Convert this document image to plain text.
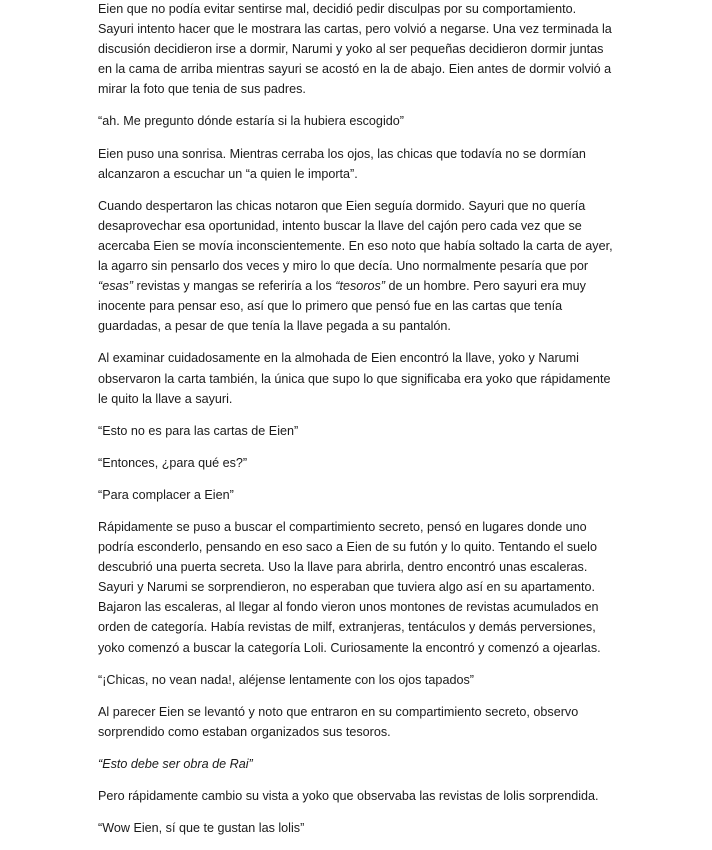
Eien que no podía evitar sentirse mal, decidió pedir disculpas por su comportamiento. Sayuri intento hacer que le mostrara las cartas, pero volvió a negarse. Una vez terminada la discusión decidieron irse a dormir, Narumi y yoko al ser pequeñas decidieron dormir juntas en la cama de arriba mientras sayuri se acostó en la de abajo. Eien antes de dormir volvió a mirar la foto que tenia de sus padres.

“ah. Me pregunto dónde estaría si la hubiera escogido”

Eien puso una sonrisa. Mientras cerraba los ojos, las chicas que todavía no se dormían alcanzaron a escuchar un “a quien le importa”.

Cuando despertaron las chicas notaron que Eien seguía dormido. Sayuri que no quería desaprovechar esa oportunidad, intento buscar la llave del cajón pero cada vez que se acercaba Eien se movía inconscientemente. En eso noto que había soltado la carta de ayer, la agarro sin pensarlo dos veces y miro lo que decía. Uno normalmente pesaría que por “esas” revistas y mangas se referiría a los “tesoros” de un hombre. Pero sayuri era muy inocente para pensar eso, así que lo primero que pensó fue en las cartas que tenía guardadas, a pesar de que tenía la llave pegada a su pantalón.

Al examinar cuidadosamente en la almohada de Eien encontró la llave, yoko y Narumi observaron la carta también, la única que supo lo que significaba era yoko que rápidamente le quito la llave a sayuri.

“Esto no es para las cartas de Eien”

“Entonces, ¿para qué es?”

“Para complacer a Eien”

Rápidamente se puso a buscar el compartimiento secreto, pensó en lugares donde uno podría esconderlo, pensando en eso saco a Eien de su futón y lo quito. Tentando el suelo descubrió una puerta secreta. Uso la llave para abrirla, dentro encontró unas escaleras. Sayuri y Narumi se sorprendieron, no esperaban que tuviera algo así en su apartamento. Bajaron las escaleras, al llegar al fondo vieron unos montones de revistas acumulados en orden de categoría. Había revistas de milf, extranjeras, tentáculos y demás perversiones, yoko comenzó a buscar la categoría Loli. Curiosamente la encontró y comenzó a ojearlas.

“¡Chicas, no vean nada!, aléjense lentamente con los ojos tapados”

Al parecer Eien se levantó y noto que entraron en su compartimiento secreto, observo sorprendido como estaban organizados sus tesoros.

“Esto debe ser obra de Rai”

Pero rápidamente cambio su vista a yoko que observaba las revistas de lolis sorprendida.

“Wow Eien, sí que te gustan las lolis”
